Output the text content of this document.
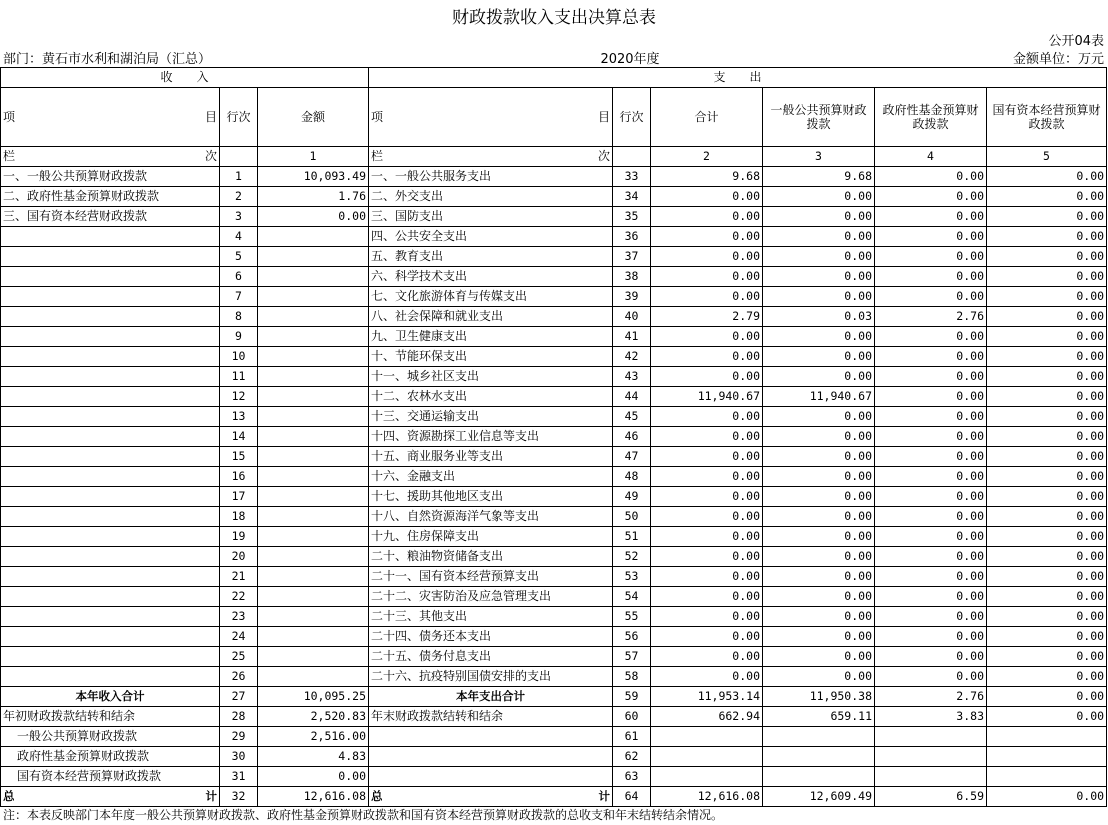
财政拨款收入支出决算总表
公开04表
部门：黄石市水利和湖泊局（汇总）	2020年度	金额单位：万元
收　　入			支　　出					

项 目	行次	金额	项 目	行次	合计	一般公共预算财政拨款	政府性基金预算财政拨款	国有资本经营预算财政拨款

栏 次		1	栏 次		2	3	4	5
一、一般公共预算财政拨款	1	10,093.49	一、一般公共服务支出	33	9.68	9.68	0.00	0.00
二、政府性基金预算财政拨款	2	1.76	二、外交支出	34	0.00	0.00	0.00	0.00
三、国有资本经营财政拨款	3	0.00	三、国防支出	35	0.00	0.00	0.00	0.00
	4		四、公共安全支出	36	0.00	0.00	0.00	0.00
	5		五、教育支出	37	0.00	0.00	0.00	0.00
	6		六、科学技术支出	38	0.00	0.00	0.00	0.00
	7		七、文化旅游体育与传媒支出	39	0.00	0.00	0.00	0.00
	8		八、社会保障和就业支出	40	2.79	0.03	2.76	0.00
	9		九、卫生健康支出	41	0.00	0.00	0.00	0.00
	10		十、节能环保支出	42	0.00	0.00	0.00	0.00
	11		十一、城乡社区支出	43	0.00	0.00	0.00	0.00
	12		十二、农林水支出	44	11,940.67	11,940.67	0.00	0.00
	13		十三、交通运输支出	45	0.00	0.00	0.00	0.00
	14		十四、资源勘探工业信息等支出	46	0.00	0.00	0.00	0.00
	15		十五、商业服务业等支出	47	0.00	0.00	0.00	0.00
	16		十六、金融支出	48	0.00	0.00	0.00	0.00
	17		十七、援助其他地区支出	49	0.00	0.00	0.00	0.00
	18		十八、自然资源海洋气象等支出	50	0.00	0.00	0.00	0.00
	19		十九、住房保障支出	51	0.00	0.00	0.00	0.00
	20		二十、粮油物资储备支出	52	0.00	0.00	0.00	0.00
	21		二十一、国有资本经营预算支出	53	0.00	0.00	0.00	0.00
	22		二十二、灾害防治及应急管理支出	54	0.00	0.00	0.00	0.00
	23		二十三、其他支出	55	0.00	0.00	0.00	0.00
	24		二十四、债务还本支出	56	0.00	0.00	0.00	0.00
	25		二十五、债务付息支出	57	0.00	0.00	0.00	0.00
	26		二十六、抗疫特别国债安排的支出	58	0.00	0.00	0.00	0.00
本年收入合计	27	10,095.25	本年支出合计	59	11,953.14	11,950.38	2.76	0.00
年初财政拨款结转和结余	28	2,520.83	年末财政拨款结转和结余	60	662.94	659.11	3.83	0.00
一般公共预算财政拨款	29	2,516.00		61				
政府性基金预算财政拨款	30	4.83		62				
国有资本经营预算财政拨款	31	0.00		63				

总 计	32	12,616.08	总 计	64	12,616.08	12,609.49	6.59	0.00
注：本表反映部门本年度一般公共预算财政拨款、政府性基金预算财政拨款和国有资本经营预算财政拨款的总收支和年末结转结余情况。
